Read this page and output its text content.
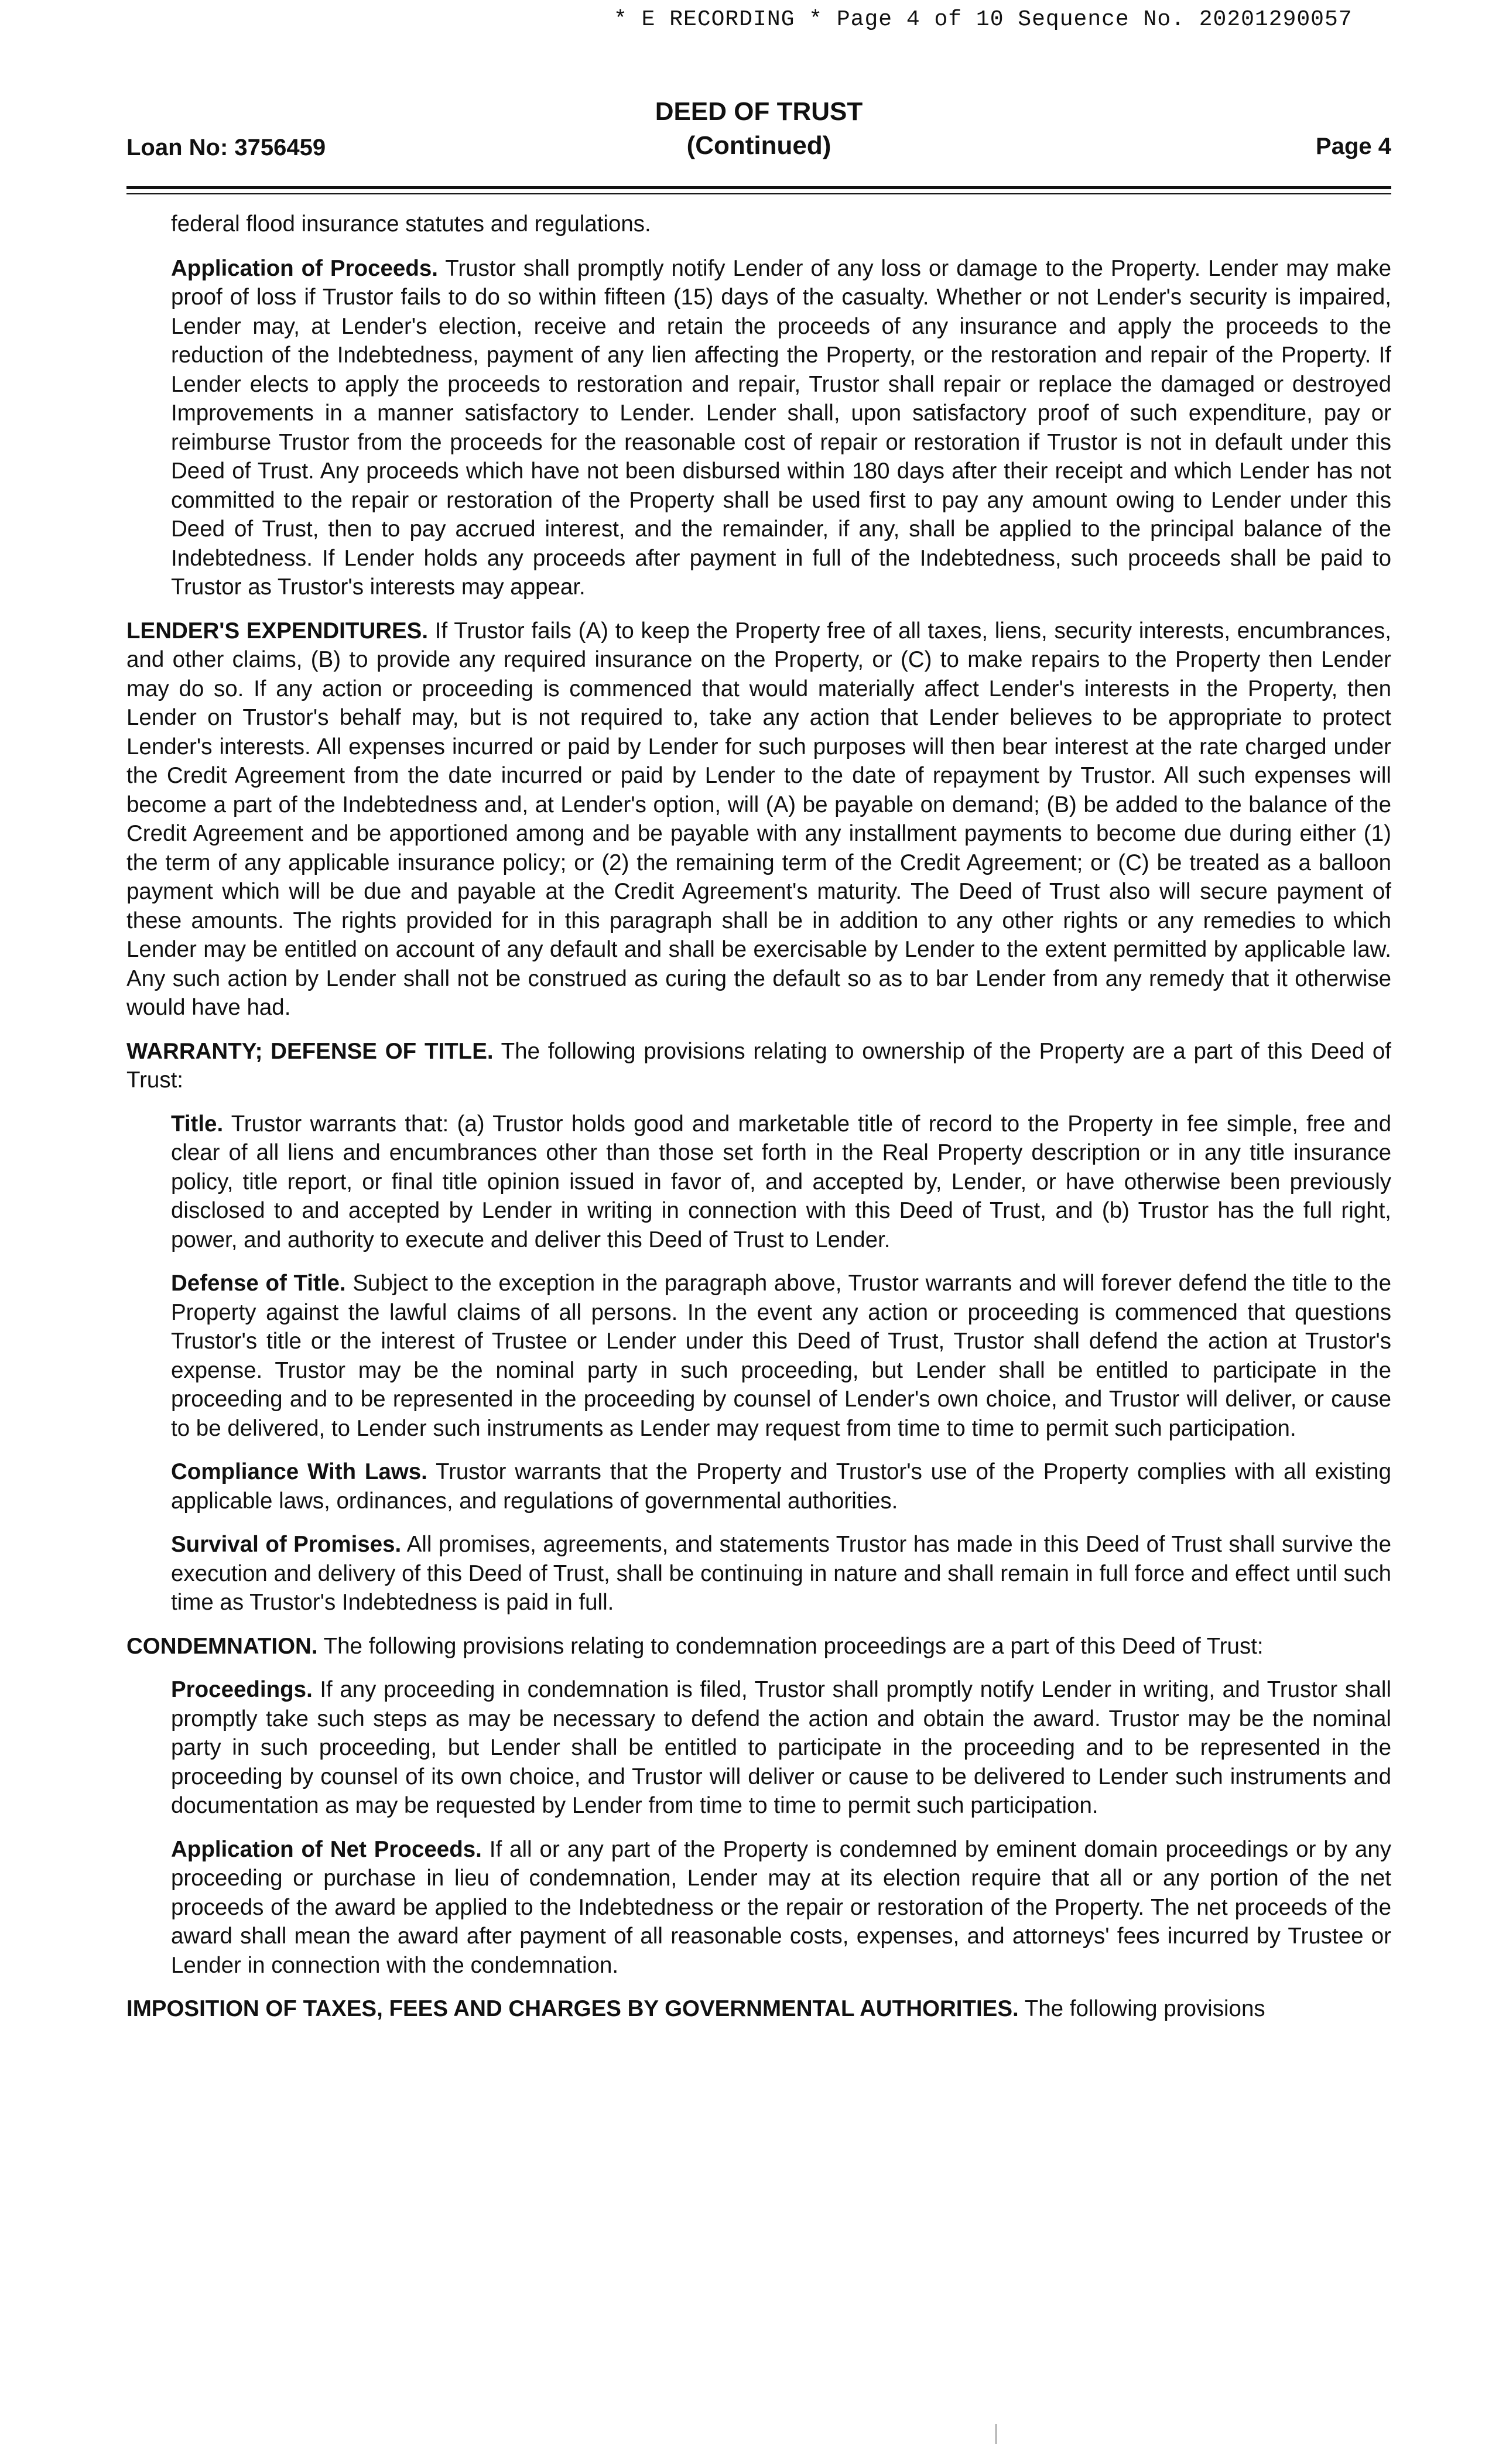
* E RECORDING * Page 4 of 10 Sequence No. 20201290057
Loan No: 3756459
DEED OF TRUST
(Continued)	Page 4

federal flood insurance statutes and regulations.

Application of Proceeds. Trustor shall promptly notify Lender of any loss or damage to the Property. Lender may make proof of loss if Trustor fails to do so within fifteen (15) days of the casualty. Whether or not Lender's security is impaired, Lender may, at Lender's election, receive and retain the proceeds of any insurance and apply the proceeds to the reduction of the Indebtedness, payment of any lien affecting the Property, or the restoration and repair of the Property. If Lender elects to apply the proceeds to restoration and repair, Trustor shall repair or replace the damaged or destroyed Improvements in a manner satisfactory to Lender. Lender shall, upon satisfactory proof of such expenditure, pay or reimburse Trustor from the proceeds for the reasonable cost of repair or restoration if Trustor is not in default under this Deed of Trust. Any proceeds which have not been disbursed within 180 days after their receipt and which Lender has not committed to the repair or restoration of the Property shall be used first to pay any amount owing to Lender under this Deed of Trust, then to pay accrued interest, and the remainder, if any, shall be applied to the principal balance of the Indebtedness. If Lender holds any proceeds after payment in full of the Indebtedness, such proceeds shall be paid to Trustor as Trustor's interests may appear.

LENDER'S EXPENDITURES. If Trustor fails (A) to keep the Property free of all taxes, liens, security interests, encumbrances, and other claims, (B) to provide any required insurance on the Property, or (C) to make repairs to the Property then Lender may do so. If any action or proceeding is commenced that would materially affect Lender's interests in the Property, then Lender on Trustor's behalf may, but is not required to, take any action that Lender believes to be appropriate to protect Lender's interests. All expenses incurred or paid by Lender for such purposes will then bear interest at the rate charged under the Credit Agreement from the date incurred or paid by Lender to the date of repayment by Trustor. All such expenses will become a part of the Indebtedness and, at Lender's option, will (A) be payable on demand; (B) be added to the balance of the Credit Agreement and be apportioned among and be payable with any installment payments to become due during either (1) the term of any applicable insurance policy; or (2) the remaining term of the Credit Agreement; or (C) be treated as a balloon payment which will be due and payable at the Credit Agreement's maturity. The Deed of Trust also will secure payment of these amounts. The rights provided for in this paragraph shall be in addition to any other rights or any remedies to which Lender may be entitled on account of any default and shall be exercisable by Lender to the extent permitted by applicable law. Any such action by Lender shall not be construed as curing the default so as to bar Lender from any remedy that it otherwise would have had.

WARRANTY; DEFENSE OF TITLE. The following provisions relating to ownership of the Property are a part of this Deed of Trust:

Title. Trustor warrants that: (a) Trustor holds good and marketable title of record to the Property in fee simple, free and clear of all liens and encumbrances other than those set forth in the Real Property description or in any title insurance policy, title report, or final title opinion issued in favor of, and accepted by, Lender, or have otherwise been previously disclosed to and accepted by Lender in writing in connection with this Deed of Trust, and (b) Trustor has the full right, power, and authority to execute and deliver this Deed of Trust to Lender.

Defense of Title. Subject to the exception in the paragraph above, Trustor warrants and will forever defend the title to the Property against the lawful claims of all persons. In the event any action or proceeding is commenced that questions Trustor's title or the interest of Trustee or Lender under this Deed of Trust, Trustor shall defend the action at Trustor's expense. Trustor may be the nominal party in such proceeding, but Lender shall be entitled to participate in the proceeding and to be represented in the proceeding by counsel of Lender's own choice, and Trustor will deliver, or cause to be delivered, to Lender such instruments as Lender may request from time to time to permit such participation.

Compliance With Laws. Trustor warrants that the Property and Trustor's use of the Property complies with all existing applicable laws, ordinances, and regulations of governmental authorities.

Survival of Promises. All promises, agreements, and statements Trustor has made in this Deed of Trust shall survive the execution and delivery of this Deed of Trust, shall be continuing in nature and shall remain in full force and effect until such time as Trustor's Indebtedness is paid in full.

CONDEMNATION. The following provisions relating to condemnation proceedings are a part of this Deed of Trust:

Proceedings. If any proceeding in condemnation is filed, Trustor shall promptly notify Lender in writing, and Trustor shall promptly take such steps as may be necessary to defend the action and obtain the award. Trustor may be the nominal party in such proceeding, but Lender shall be entitled to participate in the proceeding and to be represented in the proceeding by counsel of its own choice, and Trustor will deliver or cause to be delivered to Lender such instruments and documentation as may be requested by Lender from time to time to permit such participation.

Application of Net Proceeds. If all or any part of the Property is condemned by eminent domain proceedings or by any proceeding or purchase in lieu of condemnation, Lender may at its election require that all or any portion of the net proceeds of the award be applied to the Indebtedness or the repair or restoration of the Property. The net proceeds of the award shall mean the award after payment of all reasonable costs, expenses, and attorneys' fees incurred by Trustee or Lender in connection with the condemnation.

IMPOSITION OF TAXES, FEES AND CHARGES BY GOVERNMENTAL AUTHORITIES. The following provisions
